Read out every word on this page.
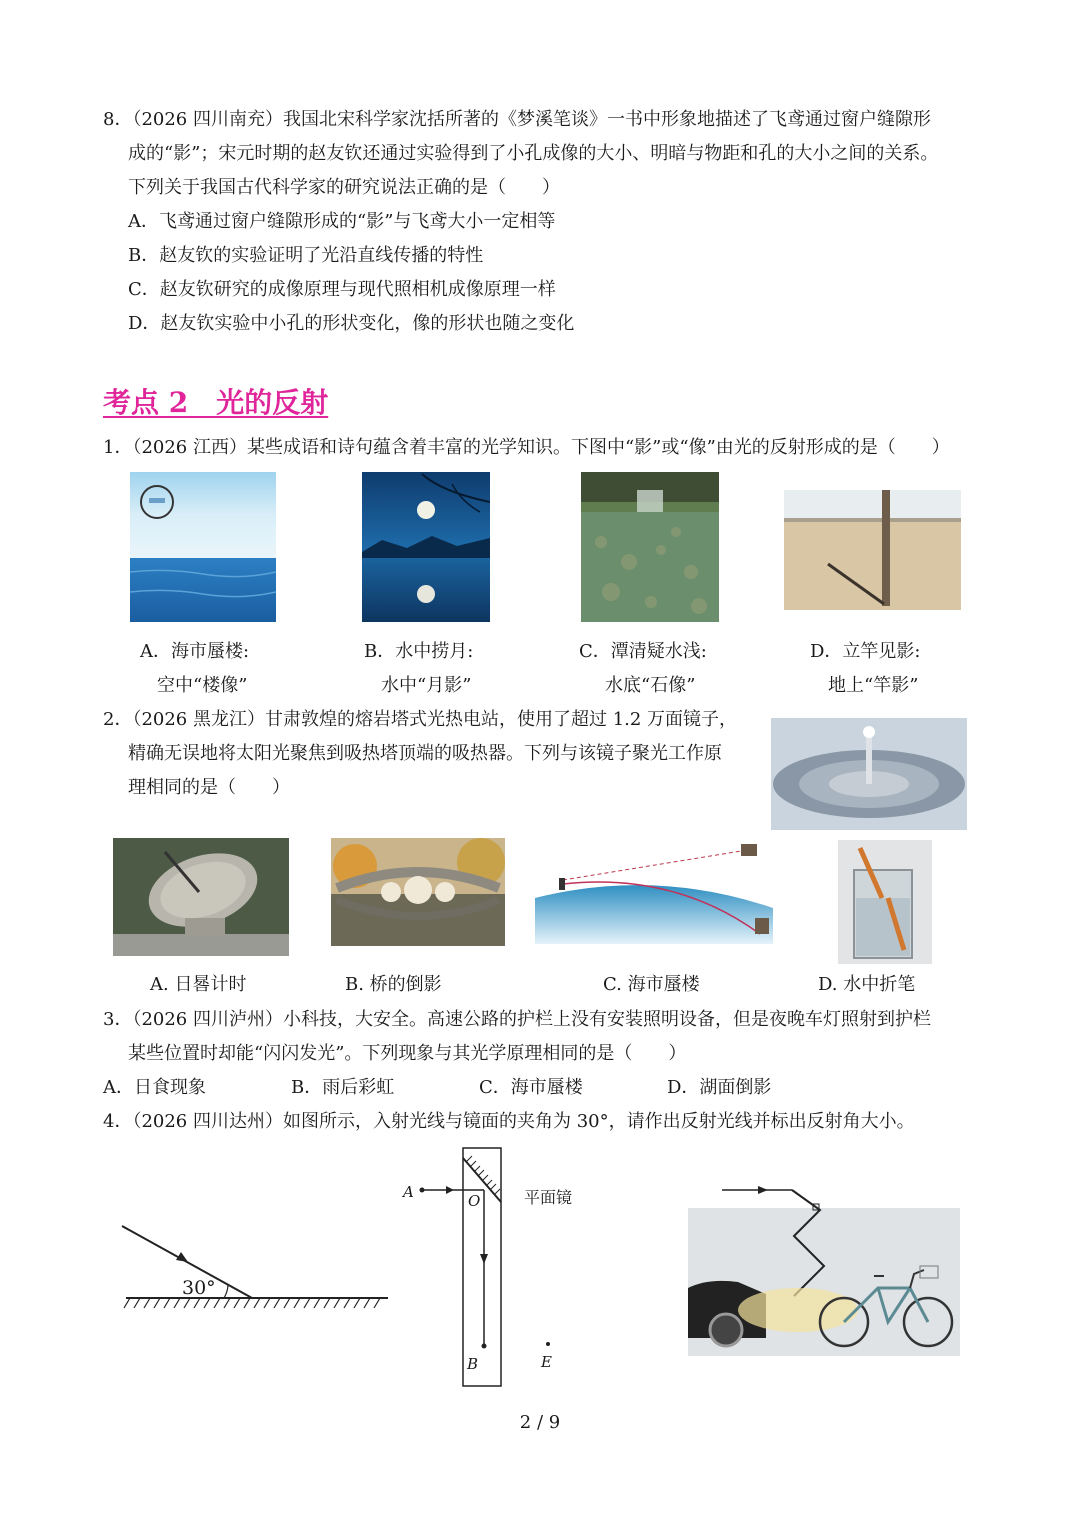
8．（2026 四川南充）我国北宋科学家沈括所著的《梦溪笔谈》一书中形象地描述了飞鸢通过窗户缝隙形
成的“影”；宋元时期的赵友钦还通过实验得到了小孔成像的大小、明暗与物距和孔的大小之间的关系。
下列关于我国古代科学家的研究说法正确的是（　　）
A．飞鸢通过窗户缝隙形成的“影”与飞鸢大小一定相等
B．赵友钦的实验证明了光沿直线传播的特性
C．赵友钦研究的成像原理与现代照相机成像原理一样
D．赵友钦实验中小孔的形状变化，像的形状也随之变化
考点 2　光的反射
1．（2026 江西）某些成语和诗句蕴含着丰富的光学知识。下图中“影”或“像”由光的反射形成的是（　　）
A．海市蜃楼:
空中“楼像”
B．水中捞月:
水中“月影”
C．潭清疑水浅:
水底“石像”
D．立竿见影:
地上“竿影”
2．（2026 黑龙江）甘肃敦煌的熔岩塔式光热电站，使用了超过 1.2 万面镜子，
精确无误地将太阳光聚焦到吸热塔顶端的吸热器。下列与该镜子聚光工作原
理相同的是（　　）
A. 日晷计时	B. 桥的倒影	C. 海市蜃楼	D. 水中折笔
3．（2026 四川泸州）小科技，大安全。高速公路的护栏上没有安装照明设备，但是夜晚车灯照射到护栏
某些位置时却能“闪闪发光”。下列现象与其光学原理相同的是（　　）
A．日食现象	B．雨后彩虹	C．海市蜃楼	D．湖面倒影
4．（2026 四川达州）如图所示，入射光线与镜面的夹角为 30°，请作出反射光线并标出反射角大小。
30°
A	O
B	E
平面镜
2 / 9
